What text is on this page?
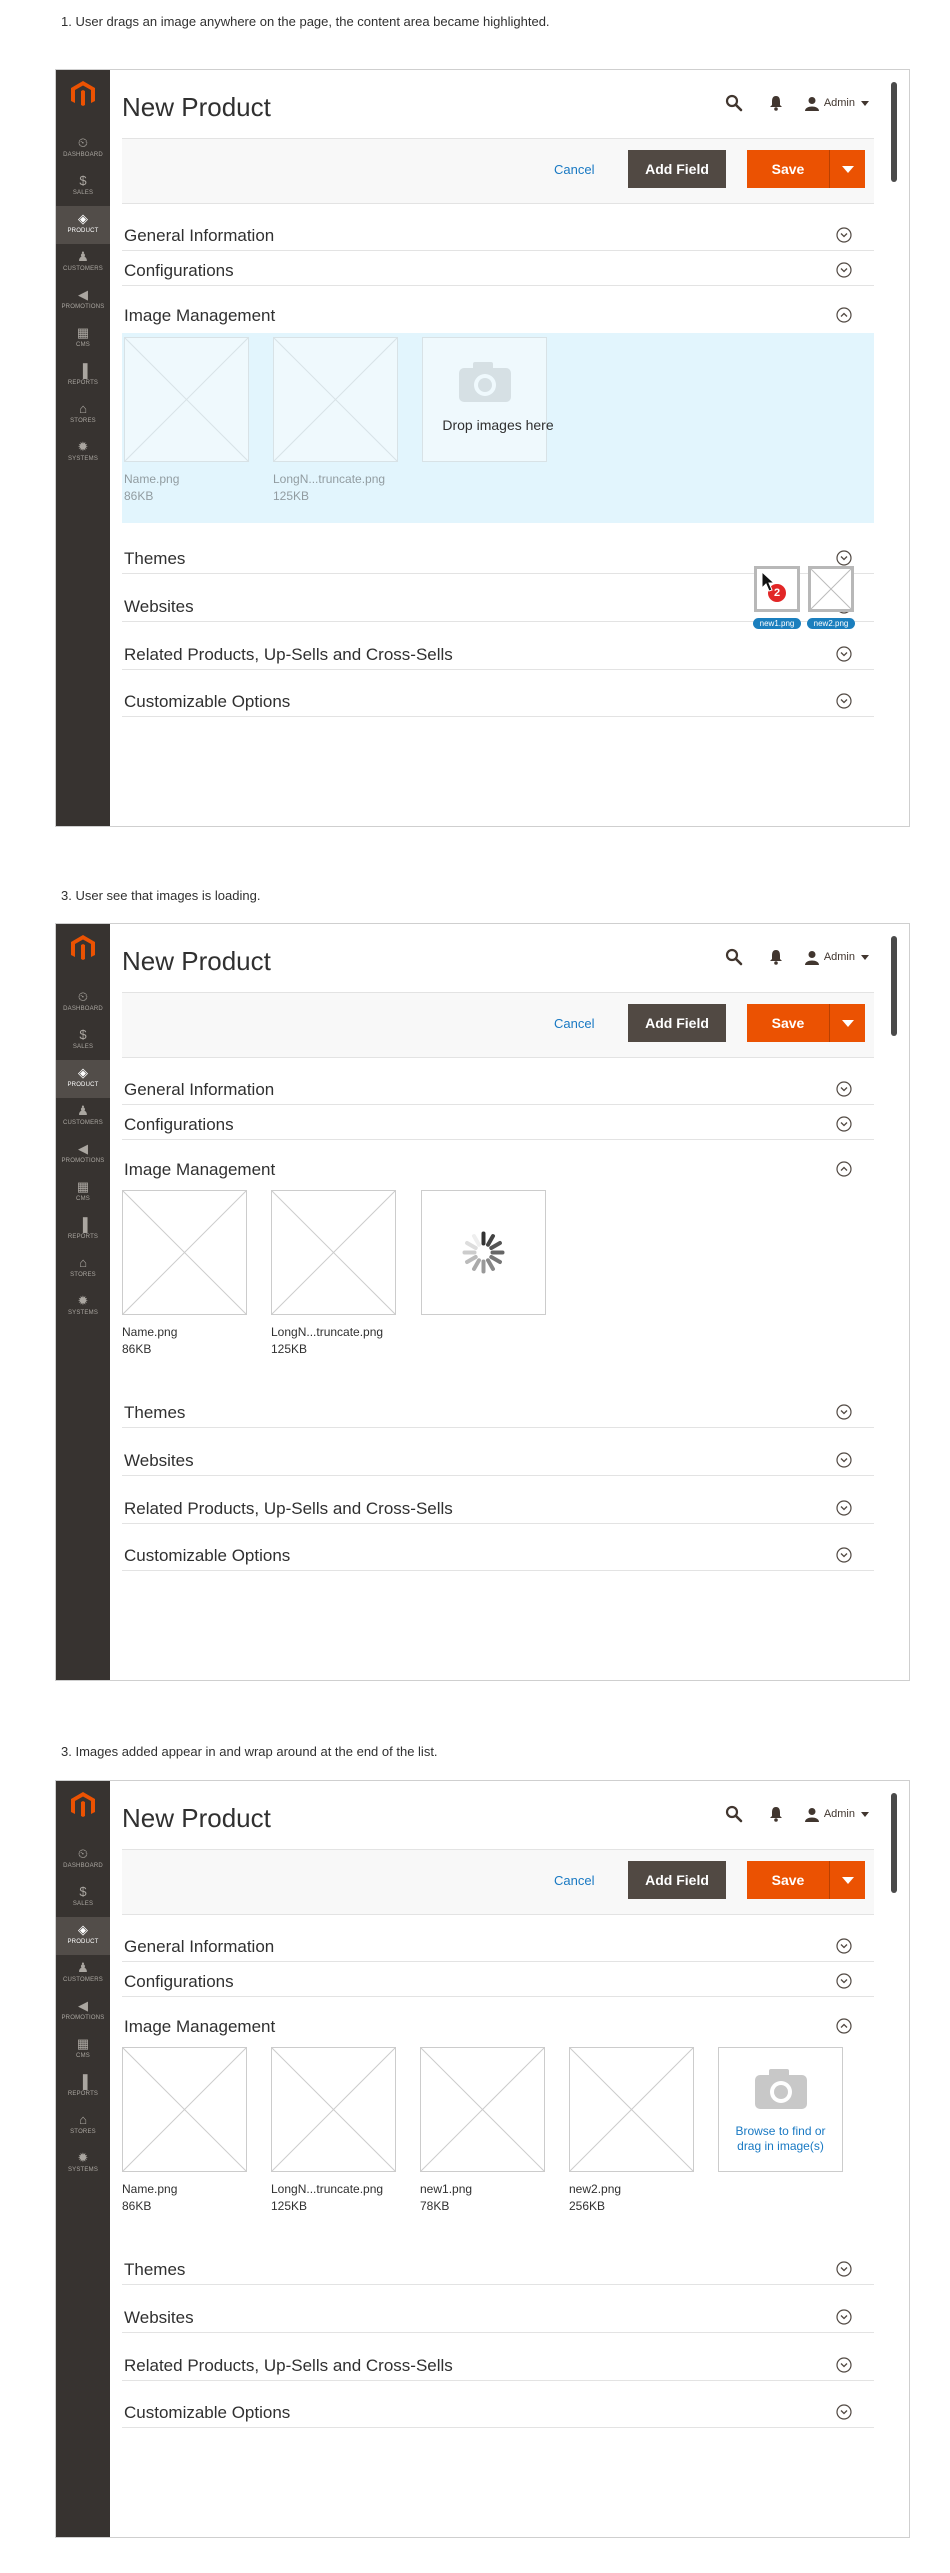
1. User drags an image anywhere on the page, the content area became highlighted.
⏲
DASHBOARD
$
SALES
◈
PRODUCT
♟
CUSTOMERS
◀
PROMOTIONS
▦
CMS
▐
REPORTS
⌂
STORES
✹
SYSTEMS
New Product	Admin
Cancel	Add Field	Save
General Information
Configurations
Image Management
Name.png
86KB
LongN...truncate.png
125KB
Drop images here
Themes
Websites
Related Products, Up-Sells and Cross-Sells
Customizable Options
new1.png	new2.png
2
3. User see that images is loading.
⏲
DASHBOARD
$
SALES
◈
PRODUCT
♟
CUSTOMERS
◀
PROMOTIONS
▦
CMS
▐
REPORTS
⌂
STORES
✹
SYSTEMS
New Product	Admin
Cancel	Add Field	Save
General Information
Configurations
Image Management
Name.png
86KB
LongN...truncate.png
125KB
Themes
Websites
Related Products, Up-Sells and Cross-Sells
Customizable Options
3. Images added appear in and wrap around at the end of the list.
⏲
DASHBOARD
$
SALES
◈
PRODUCT
♟
CUSTOMERS
◀
PROMOTIONS
▦
CMS
▐
REPORTS
⌂
STORES
✹
SYSTEMS
New Product	Admin
Cancel	Add Field	Save
General Information
Configurations
Image Management
Name.png
86KB
LongN...truncate.png
125KB
new1.png
78KB
new2.png
256KB
Browse to find or
drag in image(s)
Themes
Websites
Related Products, Up-Sells and Cross-Sells
Customizable Options
